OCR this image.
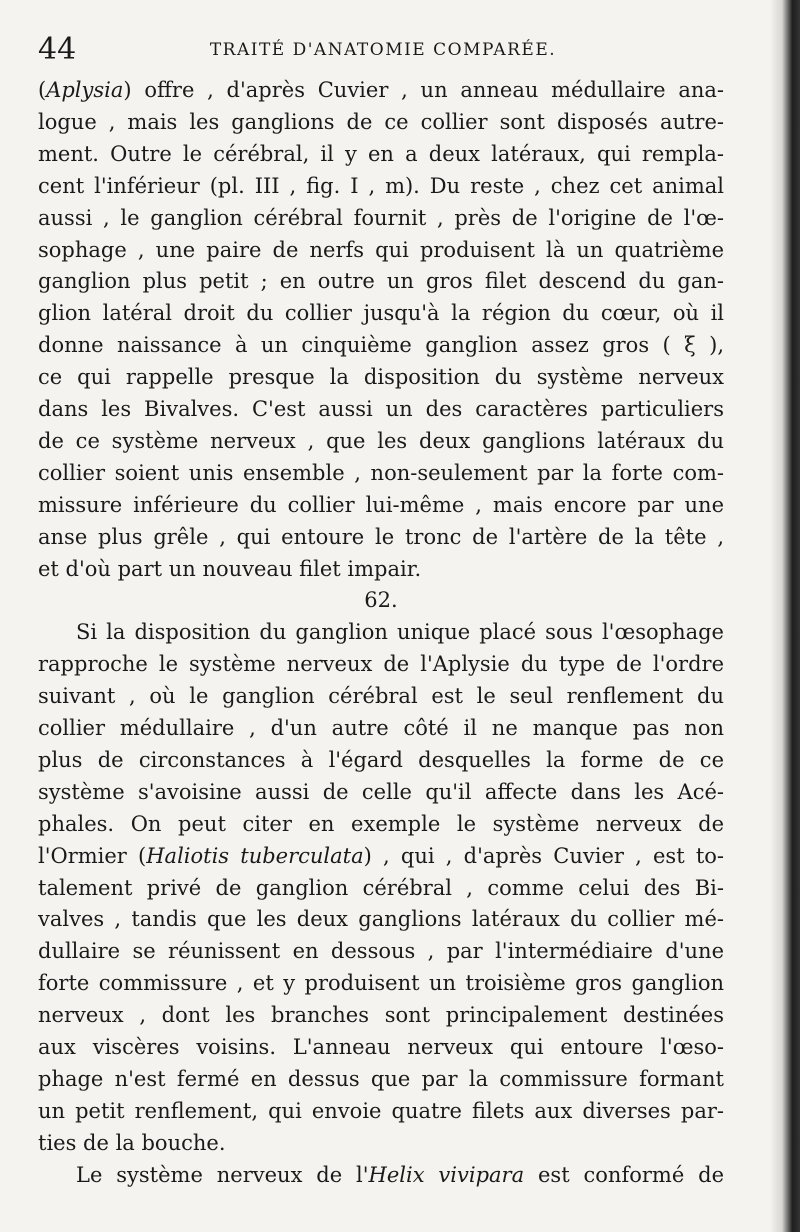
44	TRAITÉ D'ANATOMIE COMPARÉE.
(Aplysia) offre , d'après Cuvier , un anneau médullaire ana-
logue , mais les ganglions de ce collier sont disposés autre-
ment. Outre le cérébral, il y en a deux latéraux, qui rempla-
cent l'inférieur (pl. III , fig. I , m). Du reste , chez cet animal
aussi , le ganglion cérébral fournit , près de l'origine de l'œ-
sophage , une paire de nerfs qui produisent là un quatrième
ganglion plus petit ; en outre un gros filet descend du gan-
glion latéral droit du collier jusqu'à la région du cœur, où il
donne naissance à un cinquième ganglion assez gros ( ξ ),
ce qui rappelle presque la disposition du système nerveux
dans les Bivalves. C'est aussi un des caractères particuliers
de ce système nerveux , que les deux ganglions latéraux du
collier soient unis ensemble , non-seulement par la forte com-
missure inférieure du collier lui-même , mais encore par une
anse plus grêle , qui entoure le tronc de l'artère de la tête ,
et d'où part un nouveau filet impair.
62.
Si la disposition du ganglion unique placé sous l'œsophage
rapproche le système nerveux de l'Aplysie du type de l'ordre
suivant , où le ganglion cérébral est le seul renflement du
collier médullaire , d'un autre côté il ne manque pas non
plus de circonstances à l'égard desquelles la forme de ce
système s'avoisine aussi de celle qu'il affecte dans les Acé-
phales. On peut citer en exemple le système nerveux de
l'Ormier (Haliotis tuberculata) , qui , d'après Cuvier , est to-
talement privé de ganglion cérébral , comme celui des Bi-
valves , tandis que les deux ganglions latéraux du collier mé-
dullaire se réunissent en dessous , par l'intermédiaire d'une
forte commissure , et y produisent un troisième gros ganglion
nerveux , dont les branches sont principalement destinées
aux viscères voisins. L'anneau nerveux qui entoure l'œso-
phage n'est fermé en dessus que par la commissure formant
un petit renflement, qui envoie quatre filets aux diverses par-
ties de la bouche.
Le système nerveux de l'Helix vivipara est conformé de
